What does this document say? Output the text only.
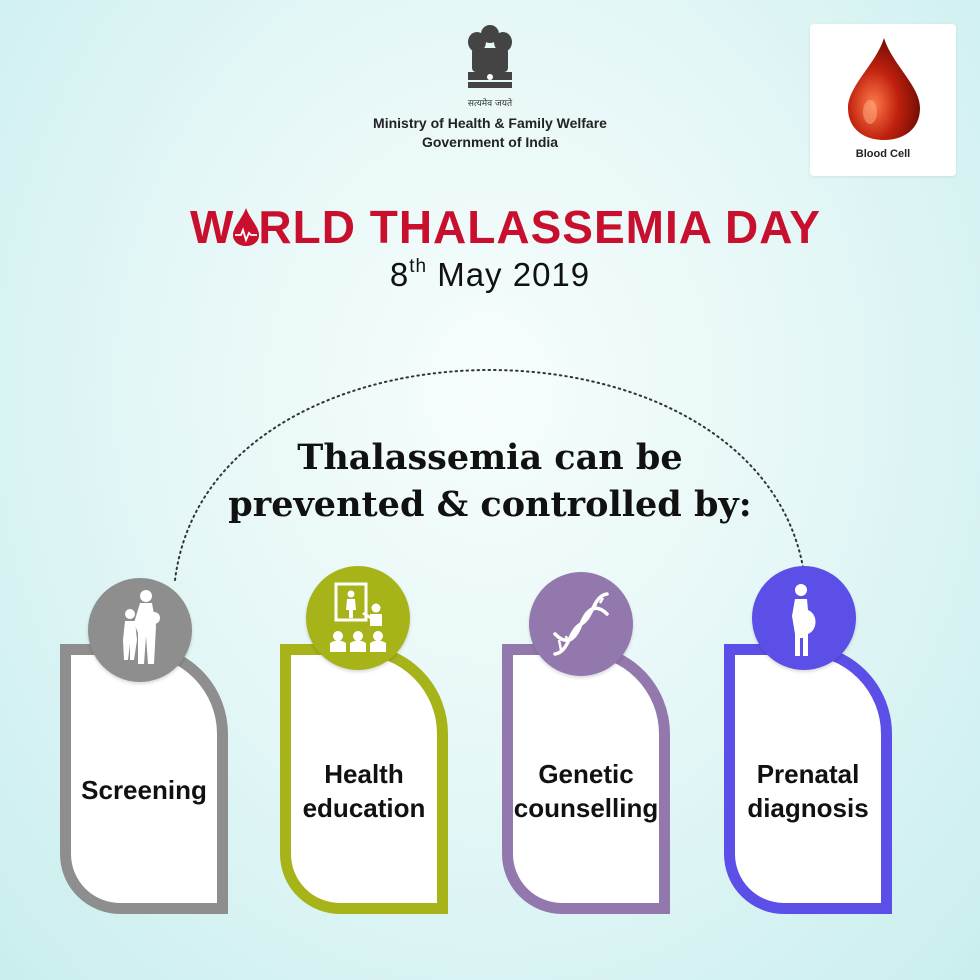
सत्यमेव जयते
Ministry of Health & Family Welfare
Government of India
Blood Cell
W RLD THALASSEMIA DAY
8th May 2019
Thalassemia can be
prevented & controlled by:
Screening
Health
education
Genetic
counselling
Prenatal
diagnosis
